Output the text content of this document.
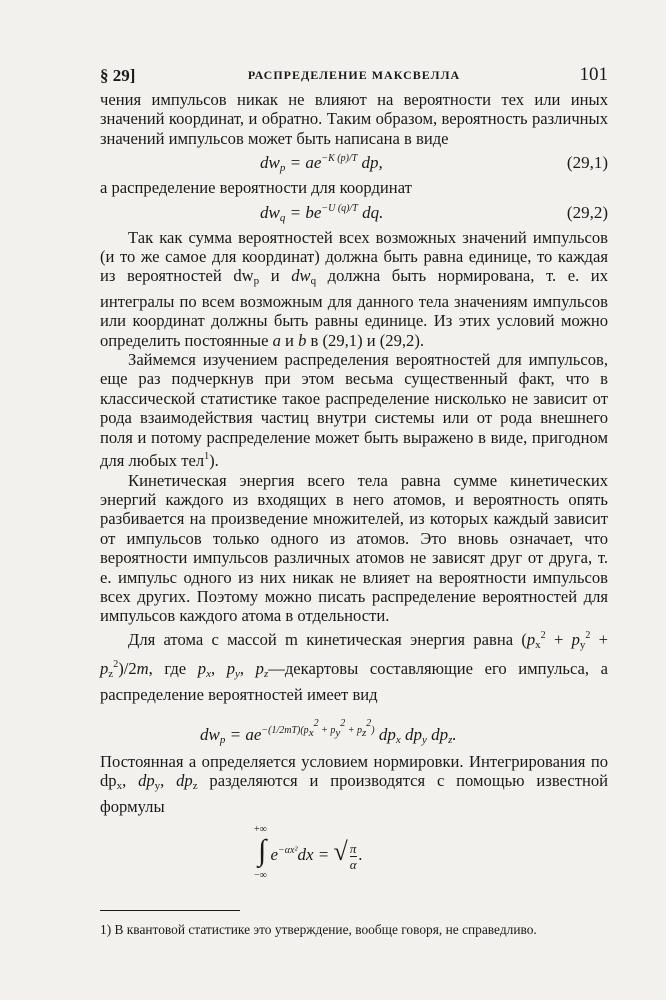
§ 29]	РАСПРЕДЕЛЕНИЕ МАКСВЕЛЛА	101

чения импульсов никак не влияют на вероятности тех или иных значений координат, и обратно. Таким образом, вероятность различных значений импульсов может быть написана в виде

$dw_p = ae^{-K (p)/T}$ dp,	(29,1)

а распределение вероятности для координат

$dw_q = be^{-U (q)/T}$ dq.	(29,2)

Так как сумма вероятностей всех возможных значений импульсов (и то же самое для координат) должна быть равна единице, то каждая из вероятностей $dw_p$ и $dw_q$ должна быть нормирована, т. е. их интегралы по всем возможным для данного тела значениям импульсов или координат должны быть равны единице. Из этих условий можно определить постоянные a и b в (29,1) и (29,2).

Займемся изучением распределения вероятностей для импульсов, еще раз подчеркнув при этом весьма существенный факт, что в классической статистике такое распределение нисколько не зависит от рода взаимодействия частиц внутри системы или от рода внешнего поля и потому распределение может быть выражено в виде, пригодном для любых тел$^1$).

Кинетическая энергия всего тела равна сумме кинетических энергий каждого из входящих в него атомов, и вероятность опять разбивается на произведение множителей, из которых каждый зависит от импульсов только одного из атомов. Это вновь означает, что вероятности импульсов различных атомов не зависят друг от друга, т. е. импульс одного из них никак не влияет на вероятности импульсов всех других. Поэтому можно писать распределение вероятностей для импульсов каждого атома в отдельности.

Для атома с массой m кинетическая энергия равна $(p_x^2 + p_y^2 + p_z^2)/2m$, где $p_x$, $p_y$, $p_z—декартовы$ составляющие его импульса, а распределение вероятностей имеет вид

$dw_p = ae^{-(1/2mT)(p_x^2 + p_y^2 + p_z^2)}$ $dp_x$ $dp_y$ $dp_z$.

Постоянная a определяется условием нормировки. Интегрирования по $dp_x$, $dp_y$, $dp_z$ разделяются и производятся с помощью известной формулы

∫
+∞
−∞
$e^{-\alpha x^2}dx$ = √ $\frac{\pi}{\alpha}$ .

1) В квантовой статистике это утверждение, вообще говоря, не справедливо.
